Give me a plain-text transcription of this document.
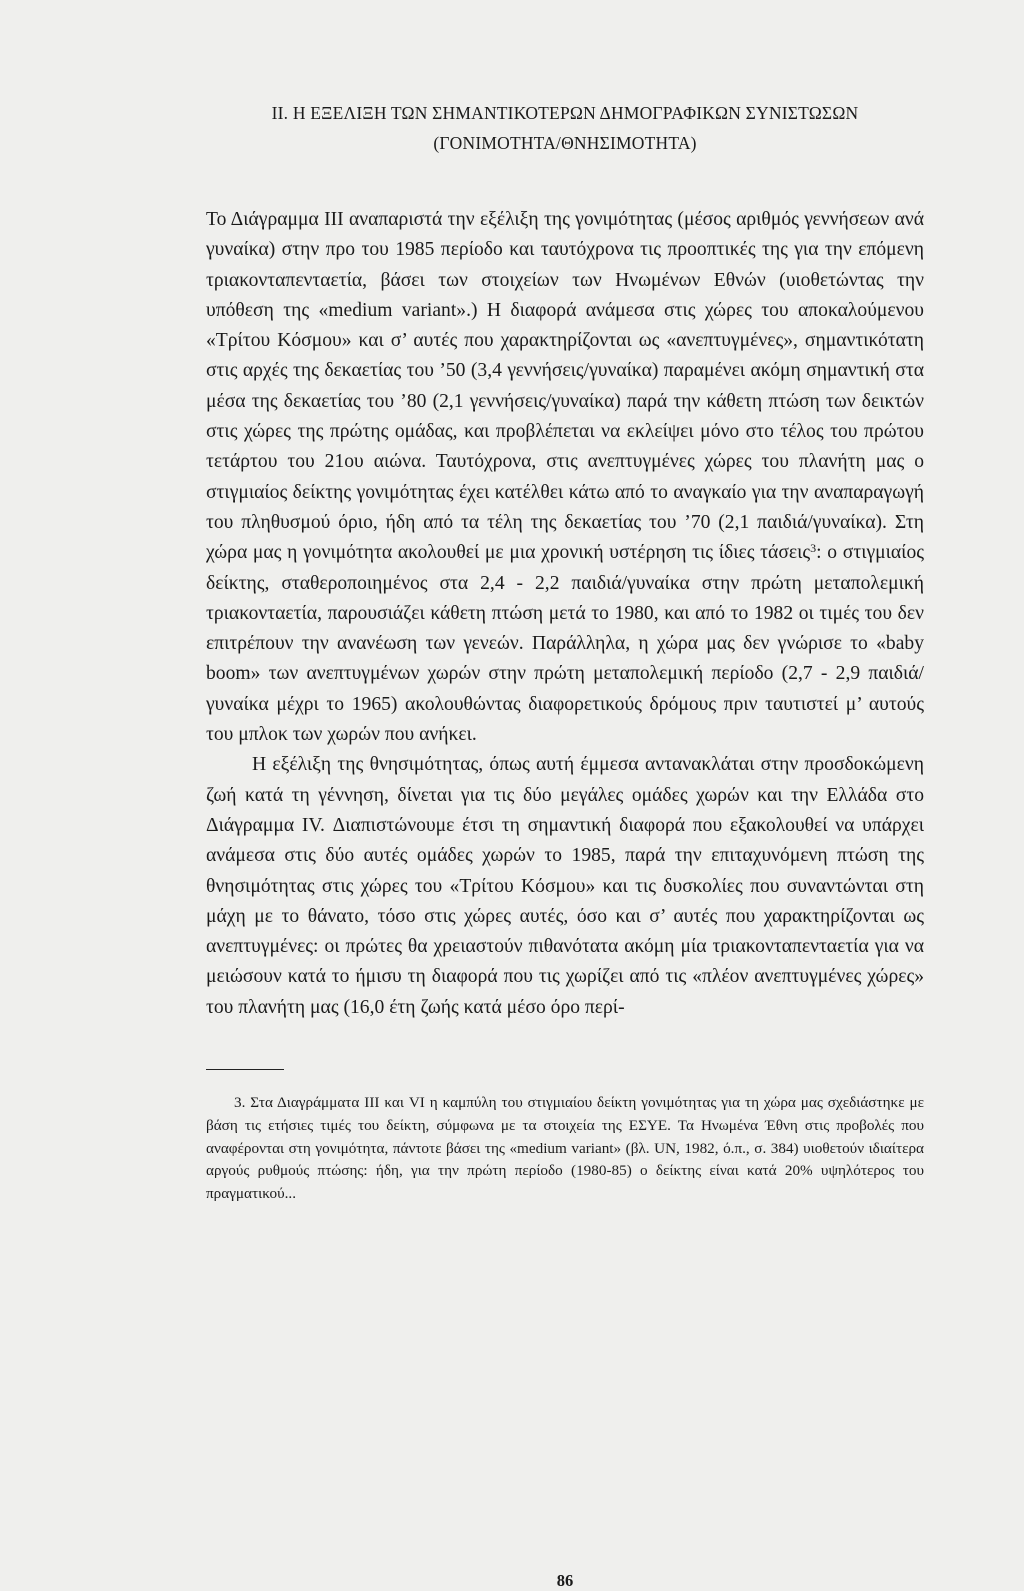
II. Η ΕΞΕΛΙΞΗ ΤΩΝ ΣΗΜΑΝΤΙΚΟΤΕΡΩΝ ΔΗΜΟΓΡΑΦΙΚΩΝ ΣΥΝΙΣΤΩΣΩΝ
(ΓΟΝΙΜΟΤΗΤΑ/ΘΝΗΣΙΜΟΤΗΤΑ)

Το Διάγραμμα ΙΙΙ αναπαριστά την εξέλιξη της γονιμότητας (μέσος αριθμός γεννήσεων ανά γυναίκα) στην προ του 1985 περίοδο και ταυτόχρονα τις προοπτικές της για την επόμενη τριακονταπενταετία, βάσει των στοιχείων των Ηνωμένων Εθνών (υιοθετώντας την υπόθεση της «medium variant».) Η διαφορά ανάμεσα στις χώρες του αποκαλούμενου «Τρίτου Κόσμου» και σ’ αυτές που χαρακτηρίζονται ως «ανεπτυγμένες», σημαντικότατη στις αρχές της δεκαετίας του ’50 (3,4 γεννήσεις/γυναίκα) παραμένει ακόμη σημαντική στα μέσα της δεκαετίας του ’80 (2,1 γεννήσεις/γυναίκα) παρά την κάθετη πτώση των δεικτών στις χώρες της πρώτης ομάδας, και προβλέπεται να εκλείψει μόνο στο τέλος του πρώτου τετάρτου του 21ου αιώνα. Ταυτόχρονα, στις ανεπτυγμένες χώρες του πλανήτη μας ο στιγμιαίος δείκτης γονιμότητας έχει κατέλθει κάτω από το αναγκαίο για την αναπαραγωγή του πληθυσμού όριο, ήδη από τα τέλη της δεκαετίας του ’70 (2,1 παιδιά/γυναίκα). Στη χώρα μας η γονιμότητα ακολουθεί με μια χρονική υστέρηση τις ίδιες τάσεις$^3$: ο στιγμιαίος δείκτης, σταθεροποιημένος στα 2,4 - 2,2 παιδιά/γυναίκα στην πρώτη μεταπολεμική τριακονταετία, παρουσιάζει κάθετη πτώση μετά το 1980, και από το 1982 οι τιμές του δεν επιτρέπουν την ανανέωση των γενεών. Παράλληλα, η χώρα μας δεν γνώρισε το «baby boom» των ανεπτυγμένων χωρών στην πρώτη μεταπολεμική περίοδο (2,7 - 2,9 παιδιά/γυναίκα μέχρι το 1965) ακολουθώντας διαφορετικούς δρόμους πριν ταυτιστεί μ’ αυτούς του μπλοκ των χωρών που ανήκει.

Η εξέλιξη της θνησιμότητας, όπως αυτή έμμεσα αντανακλάται στην προσδοκώμενη ζωή κατά τη γέννηση, δίνεται για τις δύο μεγάλες ομάδες χωρών και την Ελλάδα στο Διάγραμμα IV. Διαπιστώνουμε έτσι τη σημαντική διαφορά που εξακολουθεί να υπάρχει ανάμεσα στις δύο αυτές ομάδες χωρών το 1985, παρά την επιταχυνόμενη πτώση της θνησιμότητας στις χώρες του «Τρίτου Κόσμου» και τις δυσκολίες που συναντώνται στη μάχη με το θάνατο, τόσο στις χώρες αυτές, όσο και σ’ αυτές που χαρακτηρίζονται ως ανεπτυγμένες: οι πρώτες θα χρειαστούν πιθανότατα ακόμη μία τριακονταπενταετία για να μειώσουν κατά το ήμισυ τη διαφορά που τις χωρίζει από τις «πλέον ανεπτυγμένες χώρες» του πλανήτη μας (16,0 έτη ζωής κατά μέσο όρο περί-

3. Στα Διαγράμματα ΙΙΙ και VI η καμπύλη του στιγμιαίου δείκτη γονιμότητας για τη χώρα μας σχεδιάστηκε με βάση τις ετήσιες τιμές του δείκτη, σύμφωνα με τα στοιχεία της ΕΣΥΕ. Τα Ηνωμένα Έθνη στις προβολές που αναφέρονται στη γονιμότητα, πάντοτε βάσει της «medium variant» (βλ. UN, 1982, ό.π., σ. 384) υιοθετούν ιδιαίτερα αργούς ρυθμούς πτώσης: ήδη, για την πρώτη περίοδο (1980-85) ο δείκτης είναι κατά 20% υψηλότερος του πραγματικού...
86
